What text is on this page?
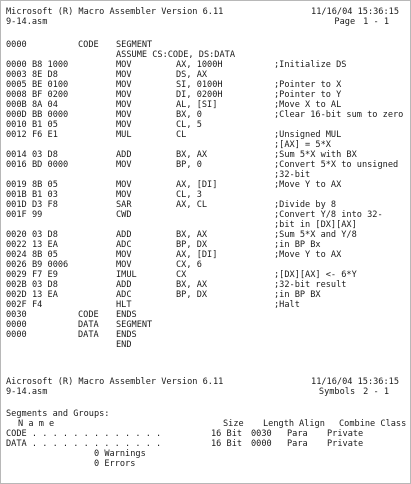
Microsoft (R) Macro Assembler Version 6.11	11/16/04 15:36:15
9-14.asm	Page 1 - 1
0000	CODE	SEGMENT
ASSUME CS:CODE, DS:DATA
0000 B8 1000	MOV	AX, 1000H	;Initialize DS
0003 8E D8	MOV	DS, AX
0005 BE 0100	MOV	SI, 0100H	;Pointer to X
0008 BF 0200	MOV	DI, 0200H	;Pointer to Y
000B 8A 04	MOV	AL, [SI]	;Move X to AL
000D BB 0000	MOV	BX, 0	;Clear 16-bit sum to zero
0010 B1 05	MOV	CL, 5
0012 F6 E1	MUL	CL	;Unsigned MUL
;[AX] = 5*X
0014 03 D8	ADD	BX, AX	;Sum 5*X with BX
0016 BD 0000	MOV	BP, 0	;Convert 5*X to unsigned
;32-bit
0019 8B 05	MOV	AX, [DI]	;Move Y to AX
001B B1 03	MOV	CL, 3
001D D3 F8	SAR	AX, CL	;Divide by 8
001F 99	CWD	;Convert Y/8 into 32-
;bit in [DX][AX]
0020 03 D8	ADD	BX, AX	;Sum 5*X and Y/8
0022 13 EA	ADC	BP, DX	;in BP Bx
0024 8B 05	MOV	AX, [DI]	;Move Y to AX
0026 B9 0006	MOV	CX, 6
0029 F7 E9	IMUL	CX	;[DX][AX] <- 6*Y
002B 03 D8	ADD	BX, AX	;32-bit result
002D 13 EA	ADC	BP, DX	;in BP BX
002F F4	HLT	;Halt
0030	CODE	ENDS
0000	DATA	SEGMENT
0000	DATA	ENDS
END
Aicrosoft (R) Macro Assembler Version 6.11	11/16/04 15:36:15
9-14.asm	Symbols 2 - 1
Segments and Groups:
N a m e	Size	Length Align	Combine Class
CODE . . . . . . . . . . . . .	16 Bit	0030	Para	Private
DATA . . . . . . . . . . . . .	16 Bit	0000	Para	Private
0 Warnings
0 Errors
